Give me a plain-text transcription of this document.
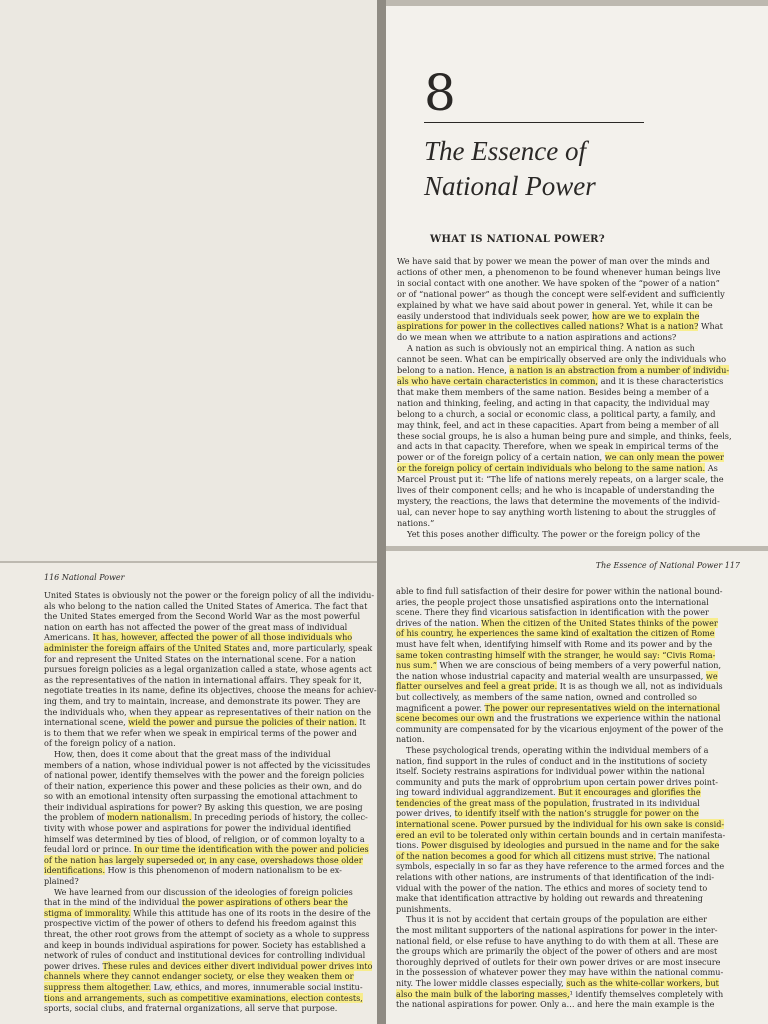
8
The Essence of
National Power
WHAT IS NATIONAL POWER?
We have said that by power we mean the power of man over the minds and
actions of other men, a phenomenon to be found whenever human beings live
in social contact with one another. We have spoken of the “power of a nation”
or of “national power” as though the concept were self-evident and sufficiently
explained by what we have said about power in general. Yet, while it can be
easily understood that individuals seek power, how are we to explain the
aspirations for power in the collectives called nations? What is a nation? What
do we mean when we attribute to a nation aspirations and actions?
A nation as such is obviously not an empirical thing. A nation as such
cannot be seen. What can be empirically observed are only the individuals who
belong to a nation. Hence, a nation is an abstraction from a number of individu-
als who have certain characteristics in common, and it is these characteristics
that make them members of the same nation. Besides being a member of a
nation and thinking, feeling, and acting in that capacity, the individual may
belong to a church, a social or economic class, a political party, a family, and
may think, feel, and act in these capacities. Apart from being a member of all
these social groups, he is also a human being pure and simple, and thinks, feels,
and acts in that capacity. Therefore, when we speak in empirical terms of the
power or of the foreign policy of a certain nation, we can only mean the power
or the foreign policy of certain individuals who belong to the same nation. As
Marcel Proust put it: “The life of nations merely repeats, on a larger scale, the
lives of their component cells; and he who is incapable of understanding the
mystery, the reactions, the laws that determine the movements of the individ-
ual, can never hope to say anything worth listening to about the struggles of
nations.”
Yet this poses another difficulty. The power or the foreign policy of the
116 National Power
United States is obviously not the power or the foreign policy of all the individu-
als who belong to the nation called the United States of America. The fact that
the United States emerged from the Second World War as the most powerful
nation on earth has not affected the power of the great mass of individual
Americans. It has, however, affected the power of all those individuals who
administer the foreign affairs of the United States and, more particularly, speak
for and represent the United States on the international scene. For a nation
pursues foreign policies as a legal organization called a state, whose agents act
as the representatives of the nation in international affairs. They speak for it,
negotiate treaties in its name, define its objectives, choose the means for achiev-
ing them, and try to maintain, increase, and demonstrate its power. They are
the individuals who, when they appear as representatives of their nation on the
international scene, wield the power and pursue the policies of their nation. It
is to them that we refer when we speak in empirical terms of the power and
of the foreign policy of a nation.
How, then, does it come about that the great mass of the individual
members of a nation, whose individual power is not affected by the vicissitudes
of national power, identify themselves with the power and the foreign policies
of their nation, experience this power and these policies as their own, and do
so with an emotional intensity often surpassing the emotional attachment to
their individual aspirations for power? By asking this question, we are posing
the problem of modern nationalism. In preceding periods of history, the collec-
tivity with whose power and aspirations for power the individual identified
himself was determined by ties of blood, of religion, or of common loyalty to a
feudal lord or prince. In our time the identification with the power and policies
of the nation has largely superseded or, in any case, overshadows those older
identifications. How is this phenomenon of modern nationalism to be ex-
plained?
We have learned from our discussion of the ideologies of foreign policies
that in the mind of the individual the power aspirations of others bear the
stigma of immorality. While this attitude has one of its roots in the desire of the
prospective victim of the power of others to defend his freedom against this
threat, the other root grows from the attempt of society as a whole to suppress
and keep in bounds individual aspirations for power. Society has established a
network of rules of conduct and institutional devices for controlling individual
power drives. These rules and devices either divert individual power drives into
channels where they cannot endanger society, or else they weaken them or
suppress them altogether. Law, ethics, and mores, innumerable social institu-
tions and arrangements, such as competitive examinations, election contests,
sports, social clubs, and fraternal organizations, all serve that purpose.
The Essence of National Power 117
able to find full satisfaction of their desire for power within the national bound-
aries, the people project those unsatisfied aspirations onto the international
scene. There they find vicarious satisfaction in identification with the power
drives of the nation. When the citizen of the United States thinks of the power
of his country, he experiences the same kind of exaltation the citizen of Rome
must have felt when, identifying himself with Rome and its power and by the
same token contrasting himself with the stranger, he would say: “Civis Roma-
nus sum.” When we are conscious of being members of a very powerful nation,
the nation whose industrial capacity and material wealth are unsurpassed, we
flatter ourselves and feel a great pride. It is as though we all, not as individuals
but collectively, as members of the same nation, owned and controlled so
magnificent a power. The power our representatives wield on the international
scene becomes our own and the frustrations we experience within the national
community are compensated for by the vicarious enjoyment of the power of the
nation.
These psychological trends, operating within the individual members of a
nation, find support in the rules of conduct and in the institutions of society
itself. Society restrains aspirations for individual power within the national
community and puts the mark of opprobrium upon certain power drives point-
ing toward individual aggrandizement. But it encourages and glorifies the
tendencies of the great mass of the population, frustrated in its individual
power drives, to identify itself with the nation’s struggle for power on the
international scene. Power pursued by the individual for his own sake is consid-
ered an evil to be tolerated only within certain bounds and in certain manifesta-
tions. Power disguised by ideologies and pursued in the name and for the sake
of the nation becomes a good for which all citizens must strive. The national
symbols, especially in so far as they have reference to the armed forces and the
relations with other nations, are instruments of that identification of the indi-
vidual with the power of the nation. The ethics and mores of society tend to
make that identification attractive by holding out rewards and threatening
punishments.
Thus it is not by accident that certain groups of the population are either
the most militant supporters of the national aspirations for power in the inter-
national field, or else refuse to have anything to do with them at all. These are
the groups which are primarily the object of the power of others and are most
thoroughly deprived of outlets for their own power drives or are most insecure
in the possession of whatever power they may have within the national commu-
nity. The lower middle classes especially, such as the white-collar workers, but
also the main bulk of the laboring masses,¹ identify themselves completely with
the national aspirations for power. Only a… and here the main example is the
